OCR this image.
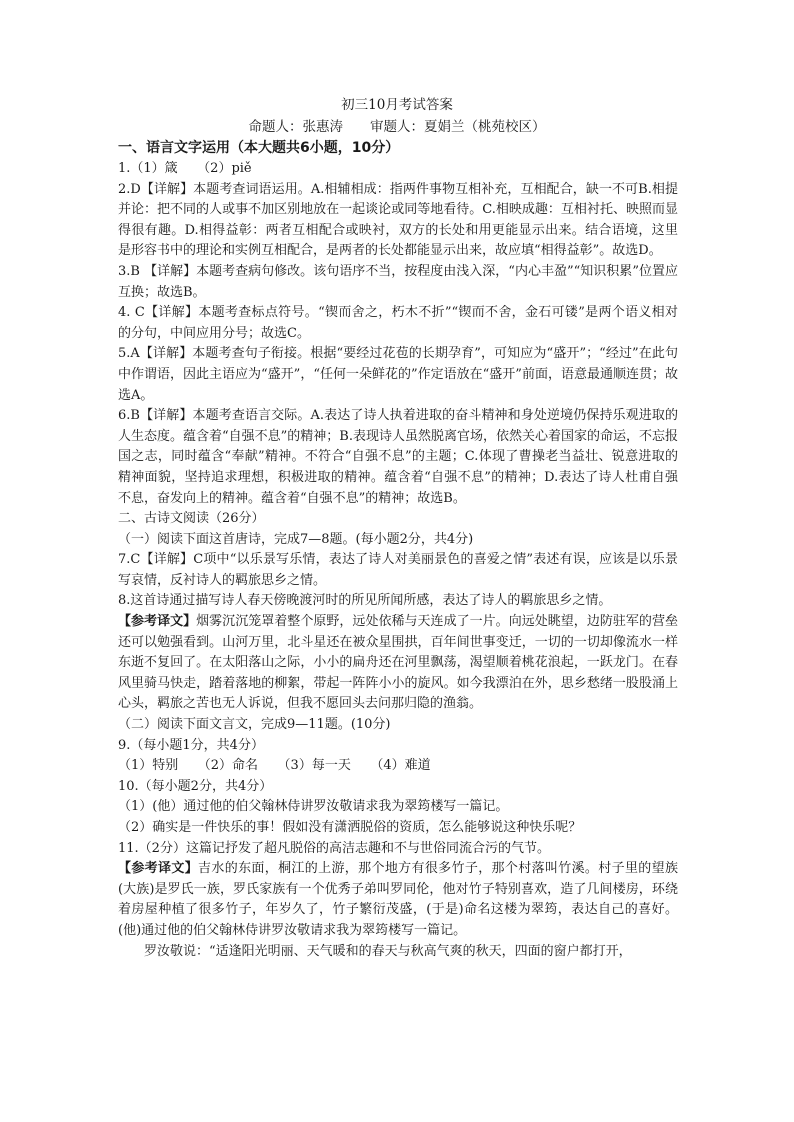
初三10月考试答案
命题人：张惠涛　　审题人：夏娟兰（桃苑校区）

一、语言文字运用（本大题共6小题，10分）

1.（1）箴　　（2）piě

2.D【详解】本题考查词语运用。A.相辅相成：指两件事物互相补充，互相配合，缺一不可B.相提并论：把不同的人或事不加区别地放在一起谈论或同等地看待。C.相映成趣：互相衬托、映照而显得很有趣。D.相得益彰：两者互相配合或映衬，双方的长处和用更能显示出来。结合语境，这里是形容书中的理论和实例互相配合，是两者的长处都能显示出来，故应填“相得益彰”。故选D。

3.B 【详解】本题考查病句修改。该句语序不当，按程度由浅入深，“内心丰盈”“知识积累”位置应互换；故选B。

4. C【详解】本题考查标点符号。“锲而舍之，朽木不折”“锲而不舍，金石可镂”是两个语义相对的分句，中间应用分号；故选C。

5.A【详解】本题考查句子衔接。根据“要经过花苞的长期孕育”，可知应为“盛开”；“经过”在此句中作谓语，因此主语应为“盛开”，“任何一朵鲜花的”作定语放在“盛开”前面，语意最通顺连贯；故选A。

6.B【详解】本题考查语言交际。A.表达了诗人执着进取的奋斗精神和身处逆境仍保持乐观进取的人生态度。蕴含着“自强不息”的精神；B.表现诗人虽然脱离官场，依然关心着国家的命运，不忘报国之志，同时蕴含“奉献”精神。不符合“自强不息”的主题；C.体现了曹操老当益壮、锐意进取的精神面貌，坚持追求理想，积极进取的精神。蕴含着“自强不息”的精神；D.表达了诗人杜甫自强不息，奋发向上的精神。蕴含着“自强不息”的精神；故选B。

二、古诗文阅读（26分）

（一）阅读下面这首唐诗，完成7—8题。(每小题2分，共4分)

7.C【详解】C项中“以乐景写乐情，表达了诗人对美丽景色的喜爱之情”表述有误，应该是以乐景写哀情，反衬诗人的羁旅思乡之情。

8.这首诗通过描写诗人春天傍晚渡河时的所见所闻所感，表达了诗人的羁旅思乡之情。

【参考译文】烟雾沉沉笼罩着整个原野，远处依稀与天连成了一片。向远处眺望，边防驻军的营垒还可以勉强看到。山河万里，北斗星还在被众星围拱，百年间世事变迁，一切的一切却像流水一样东逝不复回了。在太阳落山之际，小小的扁舟还在河里飘荡，渴望顺着桃花浪起，一跃龙门。在春风里骑马快走，踏着落地的柳絮，带起一阵阵小小的旋风。如今我漂泊在外，思乡愁绪一股股涌上心头，羁旅之苦也无人诉说，但我不愿回头去问那归隐的渔翁。

（二）阅读下面文言文，完成9—11题。(10分)

9.（每小题1分，共4分）

（1）特别　　（2）命名　　（3）每一天　　（4）难道

10.（每小题2分，共4分）

（1）(他）通过他的伯父翰林侍讲罗汝敬请求我为翠筠楼写一篇记。

（2）确实是一件快乐的事！假如没有潇洒脱俗的资质，怎么能够说这种快乐呢？

11.（2分）这篇记抒发了超凡脱俗的高洁志趣和不与世俗同流合污的气节。

【参考译文】吉水的东面，桐江的上游，那个地方有很多竹子，那个村落叫竹溪。村子里的望族(大族)是罗氏一族，罗氏家族有一个优秀子弟叫罗同伦，他对竹子特别喜欢，造了几间楼房，环绕着房屋种植了很多竹子，年岁久了，竹子繁衍茂盛，(于是)命名这楼为翠筠，表达自己的喜好。(他)通过他的伯父翰林侍讲罗汝敬请求我为翠筠楼写一篇记。

罗汝敬说：“适逢阳光明丽、天气暖和的春天与秋高气爽的秋天，四面的窗户都打开，
